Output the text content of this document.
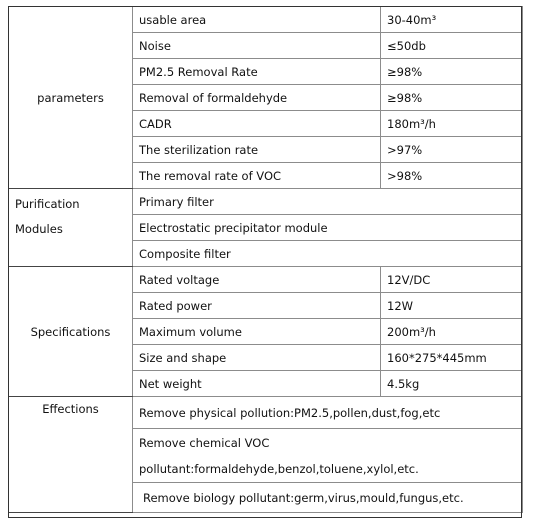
parameters	usable area	30-40m³
	Noise	≤50db
	PM2.5 Removal Rate	≥98%
	Removal of formaldehyde	≥98%
	CADR	180m³/h
	The sterilization rate	>97%
	The removal rate of VOC	>98%

Purification
Modules	Primary filter	
	Electrostatic precipitator module	
	Composite filter	
Specifications	Rated voltage	12V/DC
	Rated power	12W
	Maximum volume	200m³/h
	Size and shape	160*275*445mm
	Net weight	4.5kg
Effections	Remove physical pollution:PM2.5,pollen,dust,fog,etc	

	Remove chemical VOC
pollutant:formaldehyde,benzol,toluene,xylol,etc.	

	Remove biology pollutant:germ,virus,mould,fungus,etc.	
